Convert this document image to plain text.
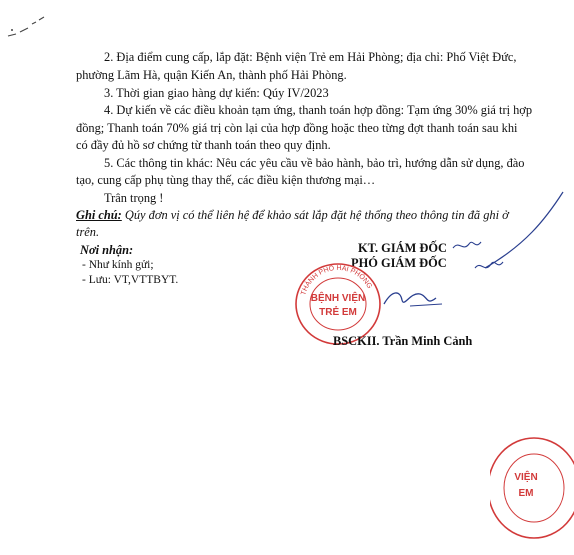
2. Địa điểm cung cấp, lắp đặt: Bệnh viện Trẻ em Hải Phòng; địa chỉ: Phố Việt Đức,
phường Lãm Hà, quận Kiến An, thành phố Hải Phòng.
3. Thời gian giao hàng dự kiến: Qúy IV/2023
4. Dự kiến về các điều khoản tạm ứng, thanh toán hợp đồng: Tạm ứng 30% giá trị hợp
đồng; Thanh toán 70% giá trị còn lại của hợp đồng hoặc theo từng đợt thanh toán sau khi
có đầy đủ hồ sơ chứng từ thanh toán theo quy định.
5. Các thông tin khác: Nêu các yêu cầu về bảo hành, bảo trì, hướng dẫn sử dụng, đào
tạo, cung cấp phụ tùng thay thế, các điều kiện thương mại…
Trân trọng !
Ghi chú: Qúy đơn vị có thể liên hệ để khảo sát lắp đặt hệ thống theo thông tin đã ghi ở
trên.
Nơi nhận:
- Như kính gửi;
- Lưu: VT,VTTBYT.
KT. GIÁM ĐỐC
PHÓ GIÁM ĐỐC
THÀNH PHỐ HẢI PHÒNG
BỆNH VIỆN
TRẺ EM
BSCKII. Trần Minh Cảnh
VIỆN
EM
